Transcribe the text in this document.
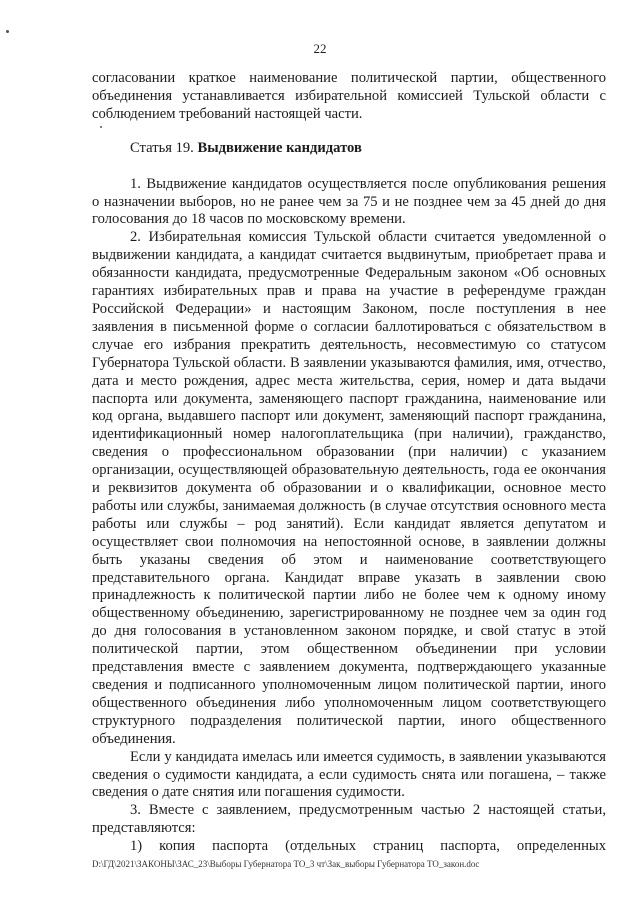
22

согласовании краткое наименование политической партии, общественного объединения устанавливается избирательной комиссией Тульской области с соблюдением требований настоящей части.

Статья 19. Выдвижение кандидатов

1. Выдвижение кандидатов осуществляется после опубликования решения о назначении выборов, но не ранее чем за 75 и не позднее чем за 45 дней до дня голосования до 18 часов по московскому времени.

2. Избирательная комиссия Тульской области считается уведомленной о выдвижении кандидата, а кандидат считается выдвинутым, приобретает права и обязанности кандидата, предусмотренные Федеральным законом «Об основных гарантиях избирательных прав и права на участие в референдуме граждан Российской Федерации» и настоящим Законом, после поступления в нее заявления в письменной форме о согласии баллотироваться с обязательством в случае его избрания прекратить деятельность, несовместимую со статусом Губернатора Тульской области. В заявлении указываются фамилия, имя, отчество, дата и место рождения, адрес места жительства, серия, номер и дата выдачи паспорта или документа, заменяющего паспорт гражданина, наименование или код органа, выдавшего паспорт или документ, заменяющий паспорт гражданина, идентификационный номер налогоплательщика (при наличии), гражданство, сведения о профессиональном образовании (при наличии) с указанием организации, осуществляющей образовательную деятельность, года ее окончания и реквизитов документа об образовании и о квалификации, основное место работы или службы, занимаемая должность (в случае отсутствия основного места работы или службы – род занятий). Если кандидат является депутатом и осуществляет свои полномочия на непостоянной основе, в заявлении должны быть указаны сведения об этом и наименование соответствующего представительного органа. Кандидат вправе указать в заявлении свою принадлежность к политической партии либо не более чем к одному иному общественному объединению, зарегистрированному не позднее чем за один год до дня голосования в установленном законом порядке, и свой статус в этой политической партии, этом общественном объединении при условии представления вместе с заявлением документа, подтверждающего указанные сведения и подписанного уполномоченным лицом политической партии, иного общественного объединения либо уполномоченным лицом соответствующего структурного подразделения политической партии, иного общественного объединения.

Если у кандидата имелась или имеется судимость, в заявлении указываются сведения о судимости кандидата, а если судимость снята или погашена, – также сведения о дате снятия или погашения судимости.

3. Вместе с заявлением, предусмотренным частью 2 настоящей статьи, представляются:

1) копия паспорта (отдельных страниц паспорта, определенных

D:\ГД\2021\ЗАКОНЫ\ЗАС_23\Выборы Губернатора ТО_3 чт\Зак_выборы Губернатора ТО_закон.doc
